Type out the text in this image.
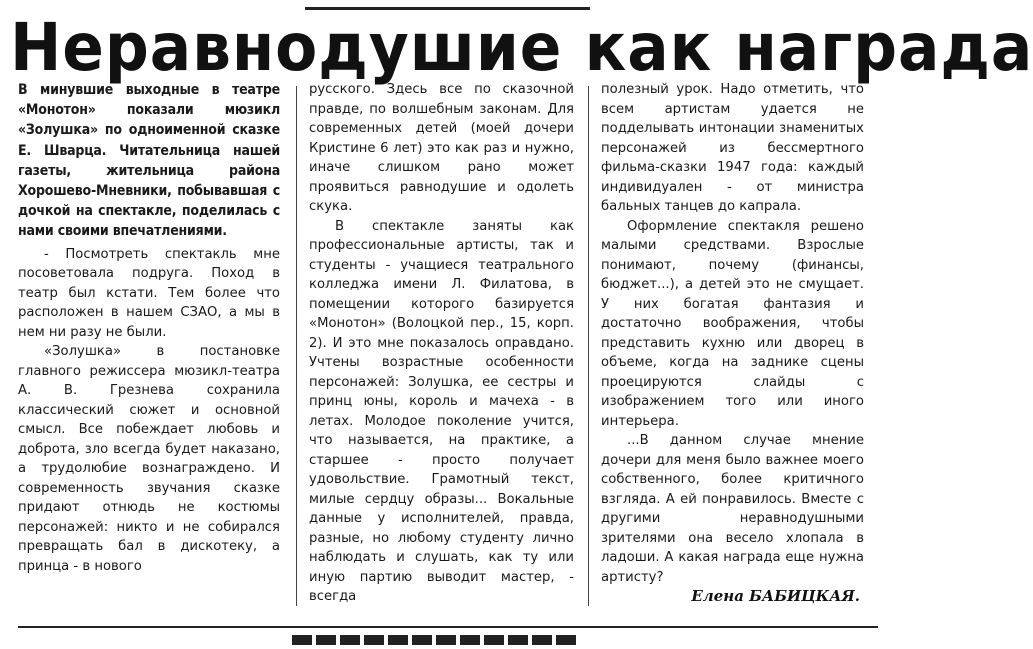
Неравнодушие как награда

В минувшие выходные в театре «Монотон» показали мюзикл «Золушка» по одноименной сказке Е. Шварца. Читательница нашей газеты, жительница района Хорошево-Мневники, побывавшая с дочкой на спектакле, поделилась с нами своими впечатлениями.

- Посмотреть спектакль мне посоветовала подруга. Поход в театр был кстати. Тем более что расположен в нашем СЗАО, а мы в нем ни разу не были.

«Золушка» в постановке главного режиссера мюзикл-театра А. В. Грезнева сохранила классический сюжет и основной смысл. Все побеждает любовь и доброта, зло всегда будет наказано, а трудолюбие вознаграждено. И современность звучания сказке придают отнюдь не костюмы персонажей: никто и не собирался превращать бал в дискотеку, а принца - в нового

русского. Здесь все по сказочной правде, по волшебным законам. Для современных детей (моей дочери Кристине 6 лет) это как раз и нужно, иначе слишком рано может проявиться равнодушие и одолеть скука.

В спектакле заняты как профессиональные артисты, так и студенты - учащиеся театрального колледжа имени Л. Филатова, в помещении которого базируется «Монотон» (Волоцкой пер., 15, корп. 2). И это мне показалось оправдано. Учтены возрастные особенности персонажей: Золушка, ее сестры и принц юны, король и мачеха - в летах. Молодое поколение учится, что называется, на практике, а старшее - просто получает удовольствие. Грамотный текст, милые сердцу образы... Вокальные данные у исполнителей, правда, разные, но любому студенту лично наблюдать и слушать, как ту или иную партию выводит мастер, - всегда

полезный урок. Надо отметить, что всем артистам удается не подделывать интонации знаменитых персонажей из бессмертного фильма-сказки 1947 года: каждый индивидуален - от министра бальных танцев до капрала.

Оформление спектакля решено малыми средствами. Взрослые понимают, почему (финансы, бюджет...), а детей это не смущает. У них богатая фантазия и достаточно воображения, чтобы представить кухню или дворец в объеме, когда на заднике сцены проецируются слайды с изображением того или иного интерьера.

...В данном случае мнение дочери для меня было важнее моего собственного, более критичного взгляда. А ей понравилось. Вместе с другими неравнодушными зрителями она весело хлопала в ладоши. А какая награда еще нужна артисту?

Елена БАБИЦКАЯ.
